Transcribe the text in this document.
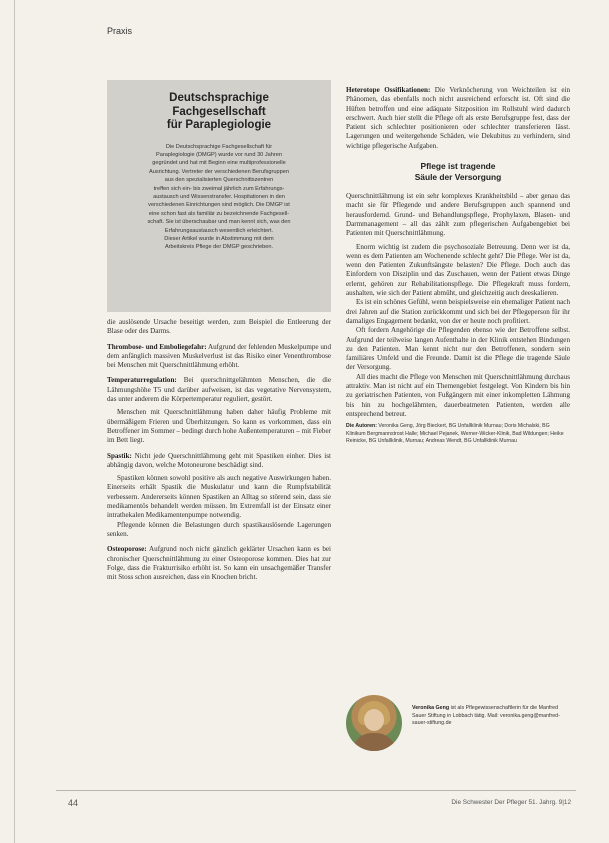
Praxis
Deutschsprachige
Fachgesellschaft
für Paraplegiologie

Die Deutschsprachige Fachgesellschaft für
Paraplegiologie (DMGP) wurde vor rund 30 Jahren
gegründet und hat mit Beginn eine multiprofessionelle
Ausrichtung. Vertreter der verschiedenen Berufsgruppen
aus den spezialisierten Querschnittszentren
treffen sich ein- bis zweimal jährlich zum Erfahrungs-
austausch und Wissenstransfer. Hospitationen in den
verschiedenen Einrichtungen sind möglich. Die DMGP ist
eine schon fast als familiär zu bezeichnende Fachgesell-
schaft. Sie ist überschaubar und man kennt sich, was den
Erfahrungsaustausch wesentlich erleichtert.
Dieser Artikel wurde in Abstimmung mit dem
Arbeitskreis Pflege der DMGP geschrieben.

die auslösende Ursache beseitigt werden, zum Beispiel die Entleerung der Blase oder des Darms.

Thrombose- und Emboliegefahr: Aufgrund der fehlenden Muskelpumpe und dem anfänglich massiven Muskelverlust ist das Risiko einer Venenthrombose bei Menschen mit Querschnittlähmung erhöht.

Temperaturregulation: Bei querschnittgelähmten Menschen, die die Lähmungshöhe T5 und darüber aufweisen, ist das vegetative Nervensystem, das unter anderem die Körpertemperatur reguliert, gestört.

Menschen mit Querschnittlähmung haben daher häufig Probleme mit übermäßigem Frieren und Überhitzungen. So kann es vorkommen, dass ein Betroffener im Sommer – bedingt durch hohe Außentemperaturen – mit Fieber im Bett liegt.

Spastik: Nicht jede Querschnittlähmung geht mit Spastiken einher. Dies ist abhängig davon, welche Motoneurone beschädigt sind.

Spastiken können sowohl positive als auch negative Auswirkungen haben. Einerseits erhält Spastik die Muskulatur und kann die Rumpfstabilität verbessern. Andererseits können Spastiken an Alltag so störend sein, dass sie medikamentös behandelt werden müssen. Im Extremfall ist der Einsatz einer intrathekalen Medikamentenpumpe notwendig.

Pflegende können die Belastungen durch spastikauslösende Lagerungen senken.

Osteoporose: Aufgrund noch nicht gänzlich geklärter Ursachen kann es bei chronischer Querschnittlähmung zu einer Osteoporose kommen. Dies hat zur Folge, dass die Frakturrisiko erhöht ist. So kann ein unsachgemäßer Transfer mit Stoss schon ausreichen, dass ein Knochen bricht.

Heterotope Ossifikationen: Die Verknöcherung von Weichteilen ist ein Phänomen, das ebenfalls noch nicht ausreichend erforscht ist. Oft sind die Hüften betroffen und eine adäquate Sitzposition im Rollstuhl wird dadurch erschwert. Auch hier stellt die Pflege oft als erste Berufsgruppe fest, dass der Patient sich schlechter positionieren oder schlechter transferieren lässt. Lagerungen und weitergehende Schäden, wie Dekubitus zu verhindern, sind wichtige pflegerische Aufgaben.

Pflege ist tragende
Säule der Versorgung

Querschnittlähmung ist ein sehr komplexes Krankheitsbild – aber genau das macht sie für Pflegende und andere Berufsgruppen auch spannend und herausfordernd. Grund- und Behandlungspflege, Prophylaxen, Blasen- und Darmmanagement – all das zählt zum pflegerischen Aufgabengebiet bei Patienten mit Querschnittlähmung.

Enorm wichtig ist zudem die psychosoziale Betreuung. Denn wer ist da, wenn es dem Patienten am Wochenende schlecht geht? Die Pflege. Wer ist da, wenn den Patienten Zukunftsängste belasten? Die Pflege. Doch auch das Einfordern von Disziplin und das Zuschauen, wenn der Patient etwas Dinge erlernt, gehören zur Rehabilitationspflege. Die Pflegekraft muss fordern, aushalten, wie sich der Patient abmüht, und gleichzeitig auch deeskalieren.

Es ist ein schönes Gefühl, wenn beispielsweise ein ehemaliger Patient nach drei Jahren auf die Station zurückkommt und sich bei der Pflegeperson für ihr damaliges Engagement bedankt, von der er heute noch profitiert.

Oft fordern Angehörige die Pflegenden ebenso wie der Betroffene selbst. Aufgrund der teilweise langen Aufenthalte in der Klinik entstehen Bindungen zu den Patienten. Man kennt nicht nur den Betroffenen, sondern sein familiäres Umfeld und die Freunde. Damit ist die Pflege die tragende Säule der Versorgung.

All dies macht die Pflege von Menschen mit Querschnittlähmung durchaus attraktiv. Man ist nicht auf ein Themengebiet festgelegt. Von Kindern bis hin zu geriatrischen Patienten, von Fußgängern mit einer inkompletten Lähmung bis hin zu hochgelähmten, dauerbeatmeten Patienten, werden alle entsprechend betreut.

Die Autoren: Veronika Geng, Jörg Bieckert, BG Unfallklinik Murnau; Doris Michalski, BG Klinikum Bergmannstrost Halle; Michael Pejanek, Werner-Wicker-Klinik, Bad Wildungen; Heike Reinicke, BG Unfallklinik, Murnau; Andreas Wendt, BG Unfallklinik Murnau
Veronika Geng ist als Pflegewissenschaftlerin für die Manfred Sauer Stiftung in Lobbach tätig. Mail: veronika.geng@manfred-sauer-stiftung.de
44	Die Schwester Der Pfleger 51. Jahrg. 9|12
